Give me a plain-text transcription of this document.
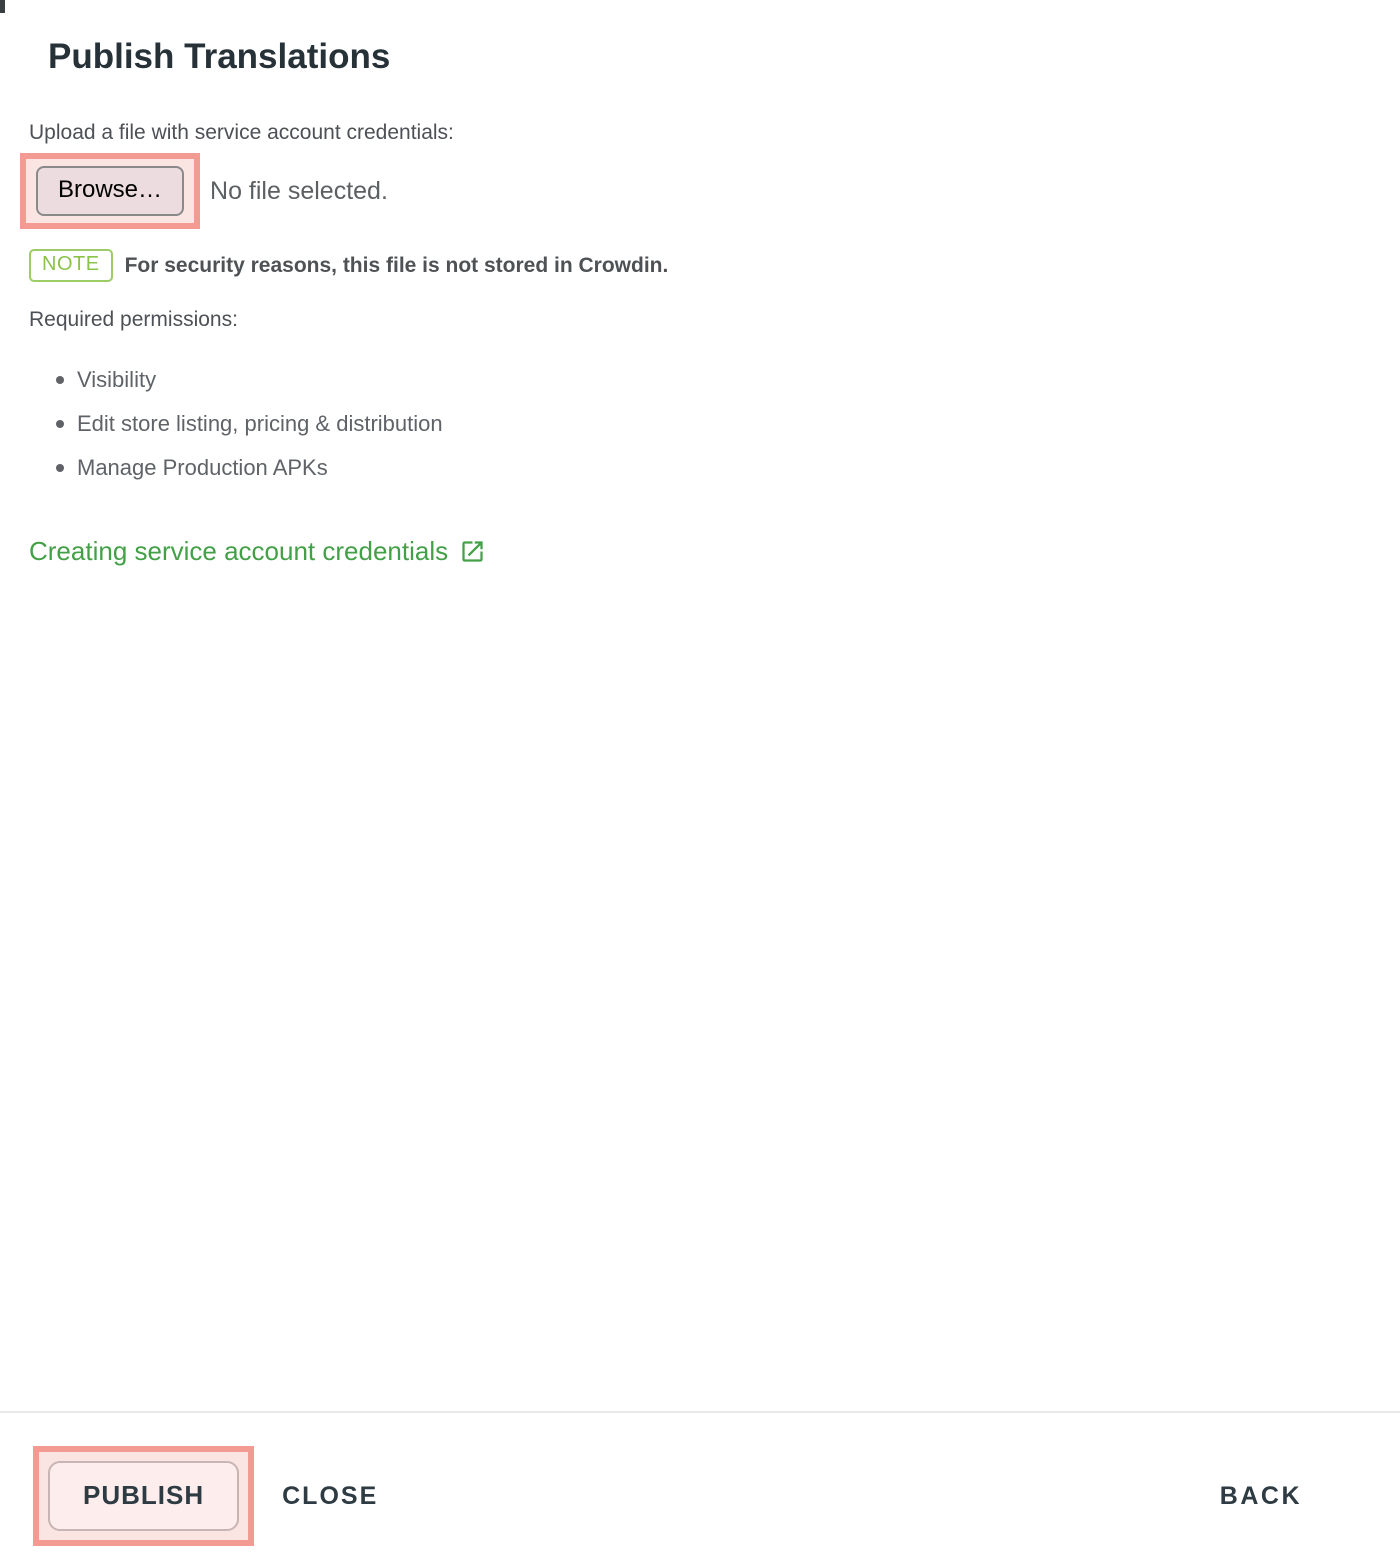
Publish Translations
Upload a file with service account credentials:
Browse…	No file selected.
NOTE	For security reasons, this file is not stored in Crowdin.
Required permissions:
Visibility
Edit store listing, pricing & distribution
Manage Production APKs
Creating service account credentials
PUBLISH	CLOSE	BACK
